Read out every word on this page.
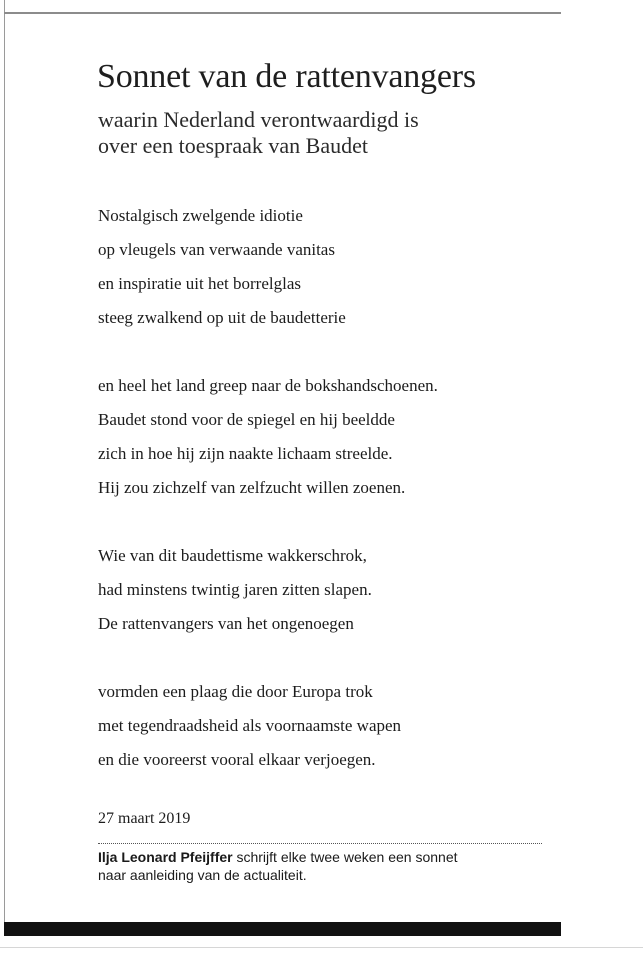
Sonnet van de rattenvangers
waarin Nederland verontwaardigd is
over een toespraak van Baudet
Nostalgisch zwelgende idiotie
op vleugels van verwaande vanitas
en inspiratie uit het borrelglas
steeg zwalkend op uit de baudetterie
en heel het land greep naar de bokshandschoenen.
Baudet stond voor de spiegel en hij beeldde
zich in hoe hij zijn naakte lichaam streelde.
Hij zou zichzelf van zelfzucht willen zoenen.
Wie van dit baudettisme wakkerschrok,
had minstens twintig jaren zitten slapen.
De rattenvangers van het ongenoegen
vormden een plaag die door Europa trok
met tegendraadsheid als voornaamste wapen
en die vooreerst vooral elkaar verjoegen.
27 maart 2019

Ilja Leonard Pfeijffer schrijft elke twee weken een sonnet
naar aanleiding van de actualiteit.
